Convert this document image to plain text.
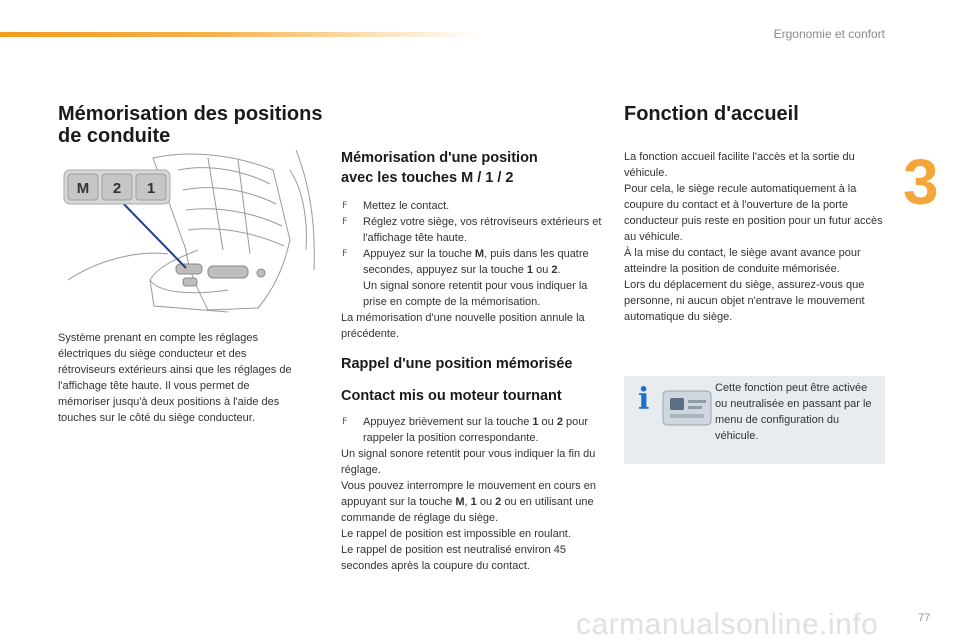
Ergonomie et confort
3
Mémorisation des positions
de conduite
M 2 1

Système prenant en compte les réglages électriques du siège conducteur et des rétroviseurs extérieurs ainsi que les réglages de l'affichage tête haute. Il vous permet de mémoriser jusqu'à deux positions à l'aide des touches sur le côté du siège conducteur.

Mémorisation d'une position
avec les touches M / 1 / 2
F Mettez le contact.
F Réglez votre siège, vos rétroviseurs extérieurs et l'affichage tête haute.
F Appuyez sur la touche M, puis dans les quatre secondes, appuyez sur la touche 1 ou 2.
Un signal sonore retentit pour vous indiquer la prise en compte de la mémorisation.

La mémorisation d'une nouvelle position annule la précédente.

Rappel d'une position mémorisée
Contact mis ou moteur tournant
F Appuyez brièvement sur la touche 1 ou 2 pour rappeler la position correspondante.

Un signal sonore retentit pour vous indiquer la fin du réglage.

Vous pouvez interrompre le mouvement en cours en appuyant sur la touche M, 1 ou 2 ou en utilisant une commande de réglage du siège.

Le rappel de position est impossible en roulant.

Le rappel de position est neutralisé environ 45 secondes après la coupure du contact.

Fonction d'accueil

La fonction accueil facilite l'accès et la sortie du véhicule.

Pour cela, le siège recule automatiquement à la coupure du contact et à l'ouverture de la porte conducteur puis reste en position pour un futur accès au véhicule.

À la mise du contact, le siège avant avance pour atteindre la position de conduite mémorisée.

Lors du déplacement du siège, assurez-vous que personne, ni aucun objet n'entrave le mouvement automatique du siège.

i	Cette fonction peut être activée ou neutralisée en passant par le menu de configuration du véhicule.
carmanualsonline.info	77
